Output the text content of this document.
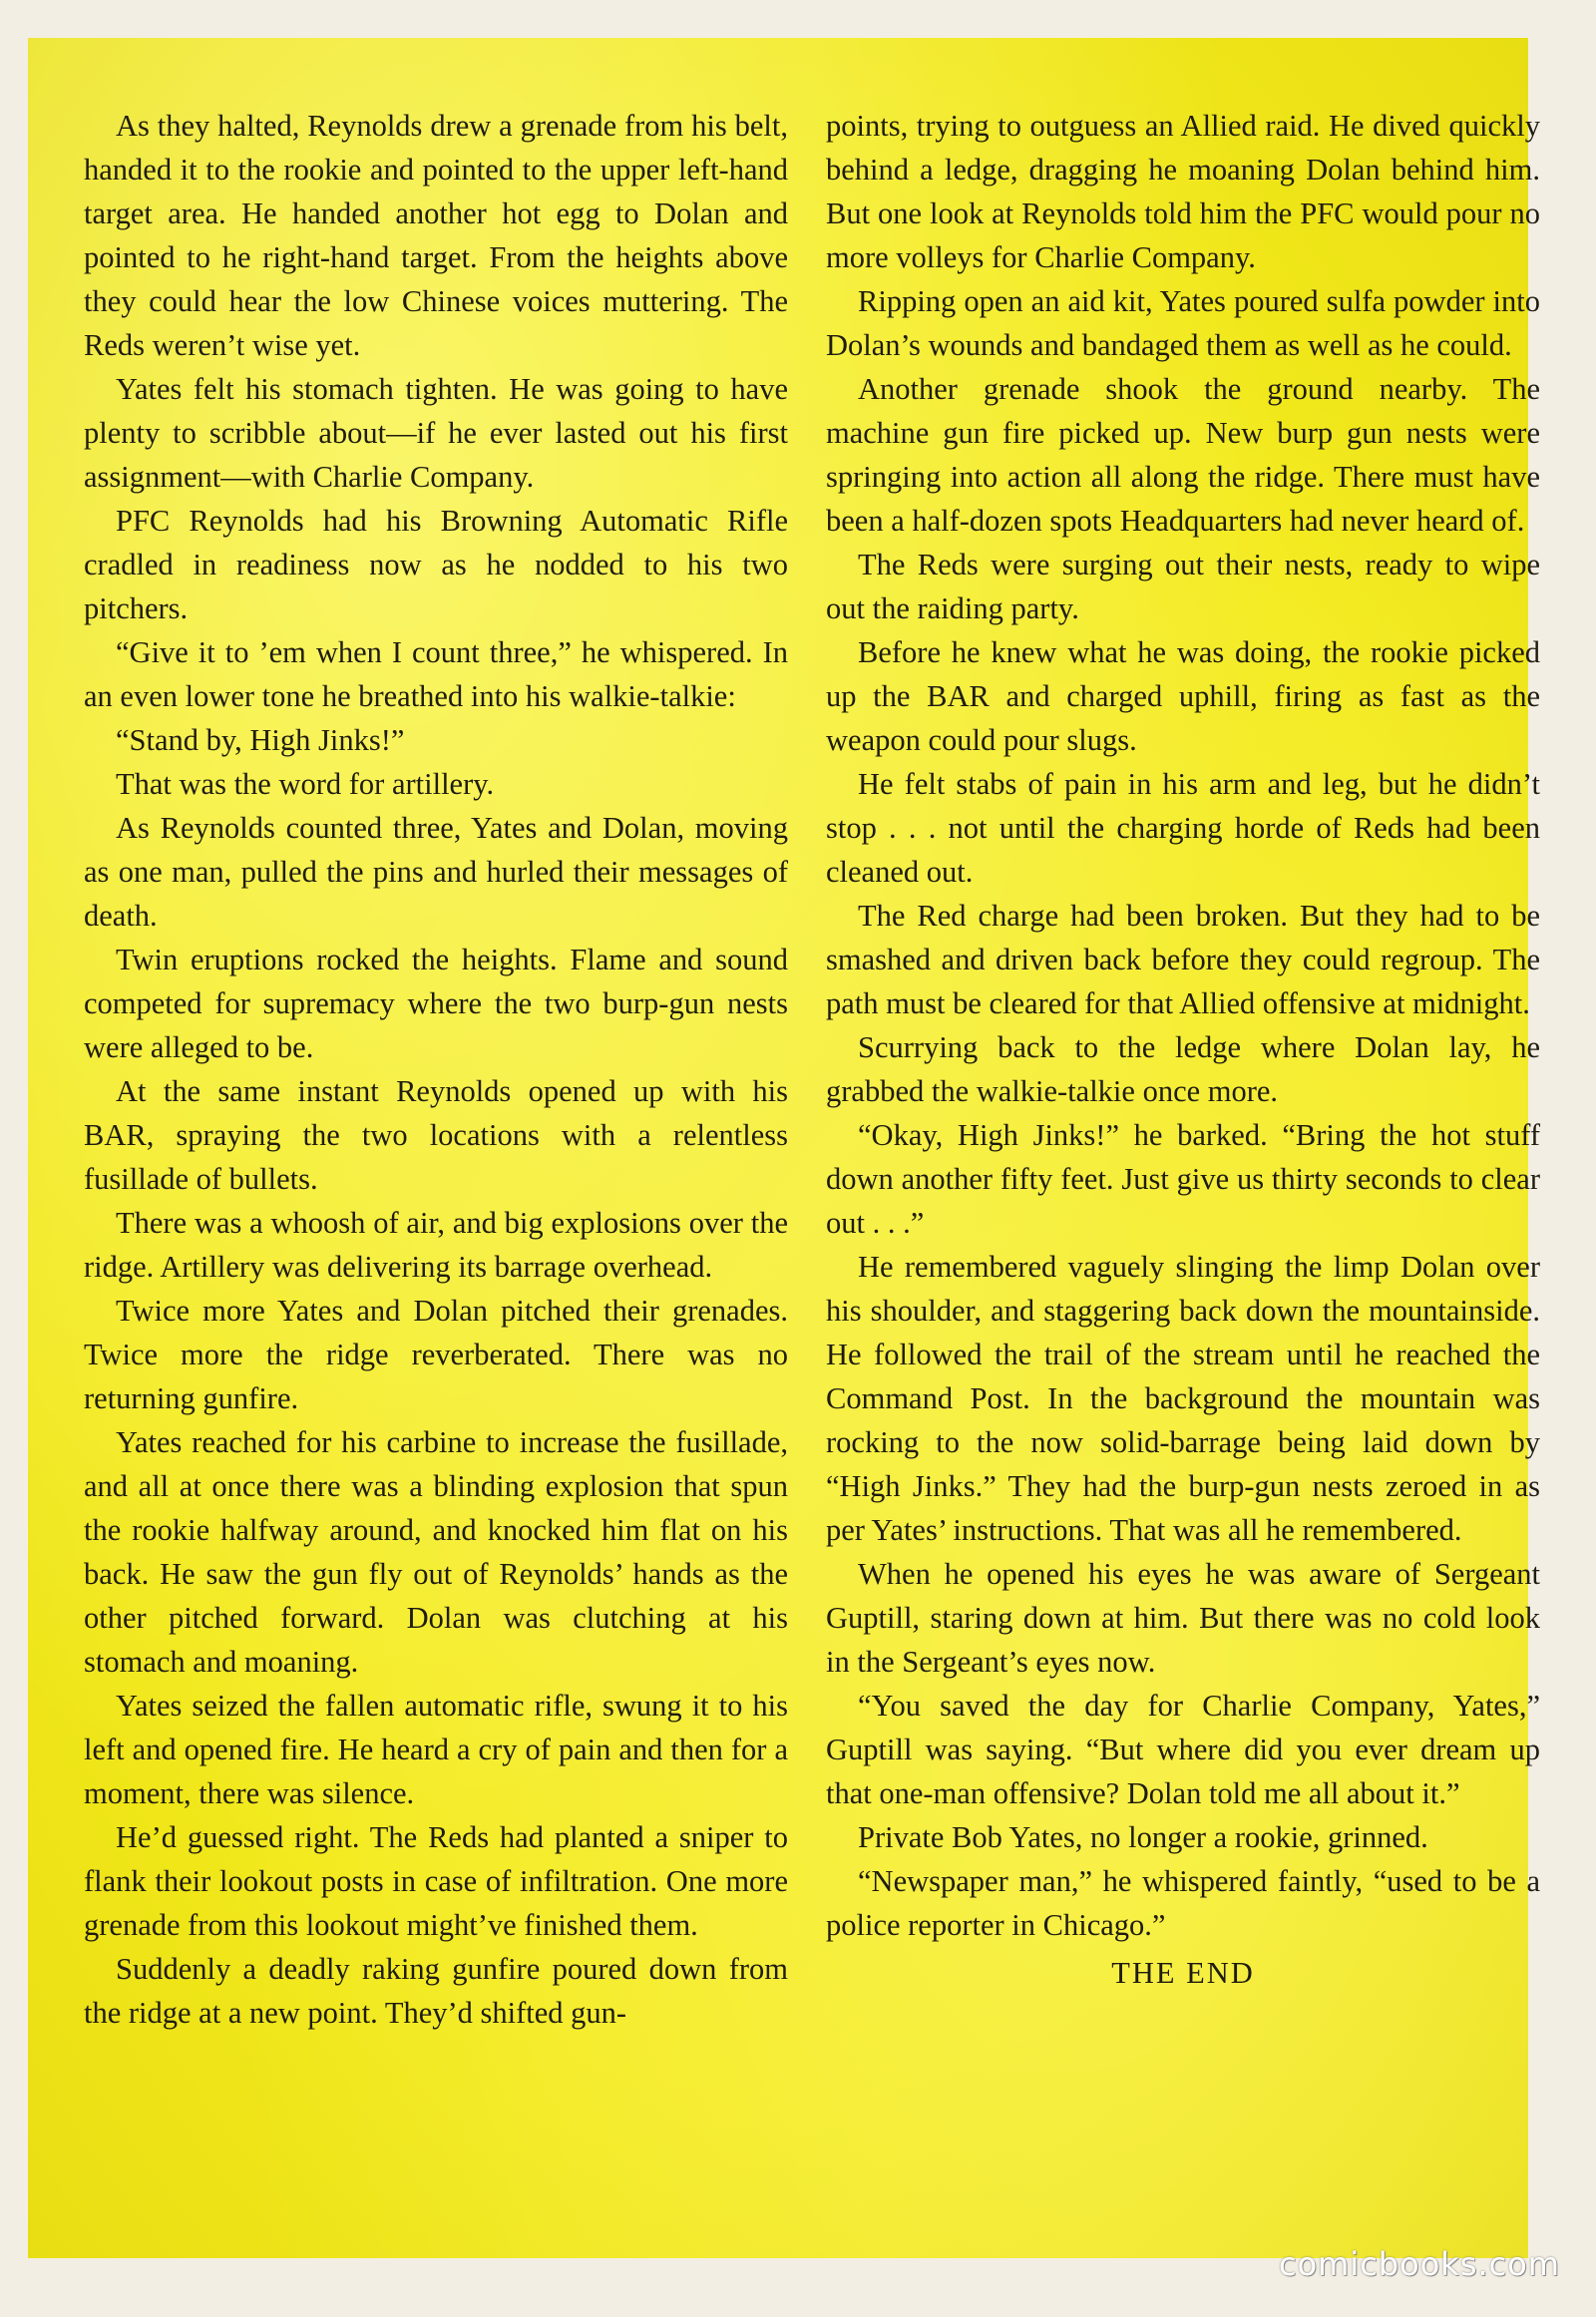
As they halted, Reynolds drew a grenade from his belt, handed it to the rookie and pointed to the upper left-hand target area. He handed another hot egg to Dolan and pointed to he right-hand target. From the heights above they could hear the low Chinese voices muttering. The Reds weren’t wise yet.

Yates felt his stomach tighten. He was going to have plenty to scribble about—if he ever lasted out his first assignment—with Charlie Company.

PFC Reynolds had his Browning Automatic Rifle cradled in readiness now as he nodded to his two pitchers.

“Give it to ’em when I count three,” he whispered. In an even lower tone he breathed into his walkie-talkie:

“Stand by, High Jinks!”

That was the word for artillery.

As Reynolds counted three, Yates and Dolan, moving as one man, pulled the pins and hurled their messages of death.

Twin eruptions rocked the heights. Flame and sound competed for supremacy where the two burp-gun nests were alleged to be.

At the same instant Reynolds opened up with his BAR, spraying the two locations with a relentless fusillade of bullets.

There was a whoosh of air, and big explosions over the ridge. Artillery was delivering its barrage overhead.

Twice more Yates and Dolan pitched their grenades. Twice more the ridge reverberated. There was no returning gunfire.

Yates reached for his carbine to increase the fusillade, and all at once there was a blinding explosion that spun the rookie halfway around, and knocked him flat on his back. He saw the gun fly out of Reynolds’ hands as the other pitched forward. Dolan was clutching at his stomach and moaning.

Yates seized the fallen automatic rifle, swung it to his left and opened fire. He heard a cry of pain and then for a moment, there was silence.

He’d guessed right. The Reds had planted a sniper to flank their lookout posts in case of infiltration. One more grenade from this lookout might’ve finished them.

Suddenly a deadly raking gunfire poured down from the ridge at a new point. They’d shifted gun-

points, trying to outguess an Allied raid. He dived quickly behind a ledge, dragging he moaning Dolan behind him. But one look at Reynolds told him the PFC would pour no more volleys for Charlie Company.

Ripping open an aid kit, Yates poured sulfa powder into Dolan’s wounds and bandaged them as well as he could.

Another grenade shook the ground nearby. The machine gun fire picked up. New burp gun nests were springing into action all along the ridge. There must have been a half-dozen spots Headquarters had never heard of.

The Reds were surging out their nests, ready to wipe out the raiding party.

Before he knew what he was doing, the rookie picked up the BAR and charged uphill, firing as fast as the weapon could pour slugs.

He felt stabs of pain in his arm and leg, but he didn’t stop . . . not until the charging horde of Reds had been cleaned out.

The Red charge had been broken. But they had to be smashed and driven back before they could regroup. The path must be cleared for that Allied offensive at midnight.

Scurrying back to the ledge where Dolan lay, he grabbed the walkie-talkie once more.

“Okay, High Jinks!” he barked. “Bring the hot stuff down another fifty feet. Just give us thirty seconds to clear out . . .”

He remembered vaguely slinging the limp Dolan over his shoulder, and staggering back down the mountainside. He followed the trail of the stream until he reached the Command Post. In the background the mountain was rocking to the now solid-barrage being laid down by “High Jinks.” They had the burp-gun nests zeroed in as per Yates’ instructions. That was all he remembered.

When he opened his eyes he was aware of Sergeant Guptill, staring down at him. But there was no cold look in the Sergeant’s eyes now.

“You saved the day for Charlie Company, Yates,” Guptill was saying. “But where did you ever dream up that one-man offensive? Dolan told me all about it.”

Private Bob Yates, no longer a rookie, grinned.

“Newspaper man,” he whispered faintly, “used to be a police reporter in Chicago.”

THE END

comicbooks.com
